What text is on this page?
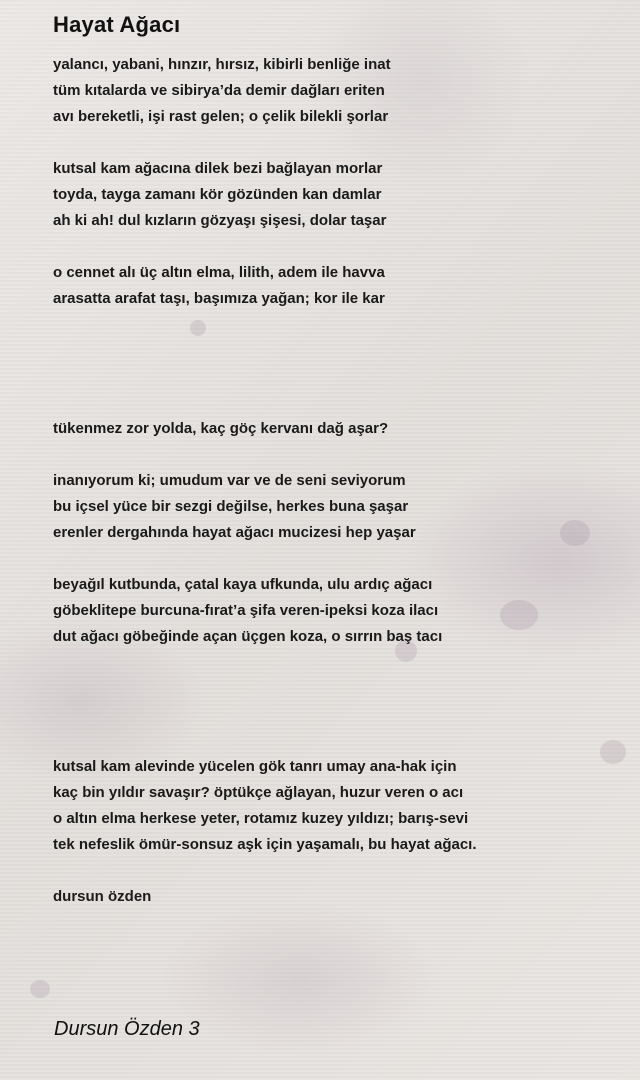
Hayat Ağacı
yalancı, yabani, hınzır, hırsız, kibirli benliğe inat
tüm kıtalarda ve sibirya’da demir dağları eriten
avı bereketli, işi rast gelen; o çelik bilekli şorlar
kutsal kam ağacına dilek bezi bağlayan morlar
toyda, tayga zamanı kör gözünden kan damlar
ah ki ah! dul kızların gözyaşı şişesi, dolar taşar
o cennet alı üç altın elma, lilith, adem ile havva
arasatta arafat taşı, başımıza yağan; kor ile kar
tükenmez zor yolda, kaç göç kervanı dağ aşar?
inanıyorum ki; umudum var ve de seni seviyorum
bu içsel yüce bir sezgi değilse, herkes buna şaşar
erenler dergahında hayat ağacı mucizesi hep yaşar
beyağıl kutbunda, çatal kaya ufkunda, ulu ardıç ağacı
göbeklitepe burcuna-fırat’a şifa veren-ipeksi koza ilacı
dut ağacı göbeğinde açan üçgen koza, o sırrın baş tacı
kutsal kam alevinde yücelen gök tanrı umay ana-hak için
kaç bin yıldır savaşır? öptükçe ağlayan, huzur veren o acı
o altın elma herkese yeter, rotamız kuzey yıldızı; barış-sevi
tek nefeslik ömür-sonsuz aşk için yaşamalı, bu hayat ağacı.
dursun özden
Dursun Özden 3
